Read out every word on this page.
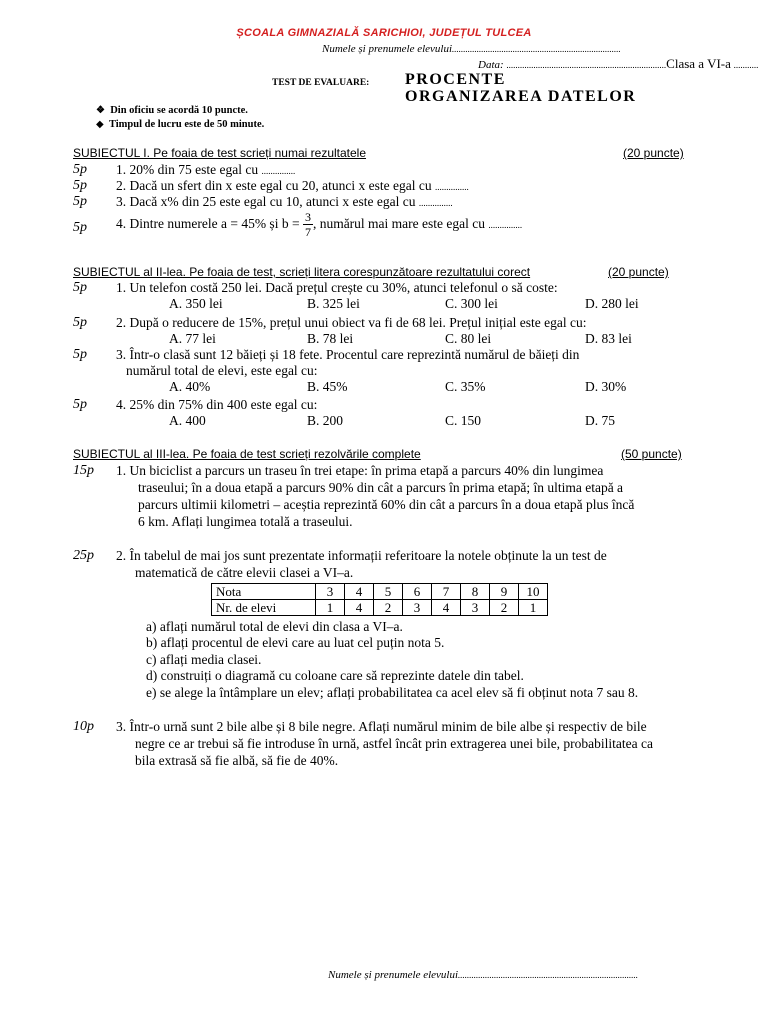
ȘCOALA GIMNAZIALĂ SARICHIOI, JUDEȚUL TULCEA
Numele și prenumele elevului...........................................................................
Data: .......................................................................Clasa a VI-a ...........
TEST DE EVALUARE: PROCENTE
ORGANIZAREA DATELOR
❖ Din oficiu se acordă 10 puncte.
◆ Timpul de lucru este de 50 minute.
SUBIECTUL I. Pe foaia de test scrieți numai rezultatele	(20 puncte)
5p 1. 20% din 75 este egal cu ...............
5p 2. Dacă un sfert din x este egal cu 20, atunci x este egal cu ...............
5p 3. Dacă x% din 25 este egal cu 10, atunci x este egal cu ...............
5p 4. Dintre numerele a = 45% și $b = \frac{3}{7}$ , numărul mai mare este egal cu ...............
SUBIECTUL al II-lea. Pe foaia de test, scrieți litera corespunzătoare rezultatului corect	(20 puncte)
5p 1. Un telefon costă 250 lei. Dacă prețul crește cu 30%, atunci telefonul o să coste:
A. 350 lei	B. 325 lei	C. 300 lei	D. 280 lei
5p 2. După o reducere de 15%, prețul unui obiect va fi de 68 lei. Prețul inițial este egal cu:
A. 77 lei	B. 78 lei	C. 80 lei	D. 83 lei
5p 3. Într-o clasă sunt 12 băieți și 18 fete. Procentul care reprezintă numărul de băieți din
numărul total de elevi, este egal cu:
A. 40%	B. 45%	C. 35%	D. 30%
5p 4. 25% din 75% din 400 este egal cu:
A. 400	B. 200	C. 150	D. 75
SUBIECTUL al III-lea. Pe foaia de test scrieți rezolvările complete	(50 puncte)
15p 1. Un biciclist a parcurs un traseu în trei etape: în prima etapă a parcurs 40% din lungimea
traseului; în a doua etapă a parcurs 90% din cât a parcurs în prima etapă; în ultima etapă a
parcurs ultimii kilometri – aceștia reprezintă 60% din cât a parcurs în a doua etapă plus încă
6 km. Aflați lungimea totală a traseului.
25p 2. În tabelul de mai jos sunt prezentate informații referitoare la notele obținute la un test de
matematică de către elevii clasei a VI–a.
Nota	3	4	5	6	7	8	9	10
Nr. de elevi	1	4	2	3	4	3	2	1
a) aflați numărul total de elevi din clasa a VI–a.
b) aflați procentul de elevi care au luat cel puțin nota 5.
c) aflați media clasei.
d) construiți o diagramă cu coloane care să reprezinte datele din tabel.
e) se alege la întâmplare un elev; aflați probabilitatea ca acel elev să fi obținut nota 7 sau 8.
10p 3. Într-o urnă sunt 2 bile albe și 8 bile negre. Aflați numărul minim de bile albe și respectiv de bile
negre ce ar trebui să fie introduse în urnă, astfel încât prin extragerea unei bile, probabilitatea ca
bila extrasă să fie albă, să fie de 40%.
Numele și prenumele elevului................................................................................
